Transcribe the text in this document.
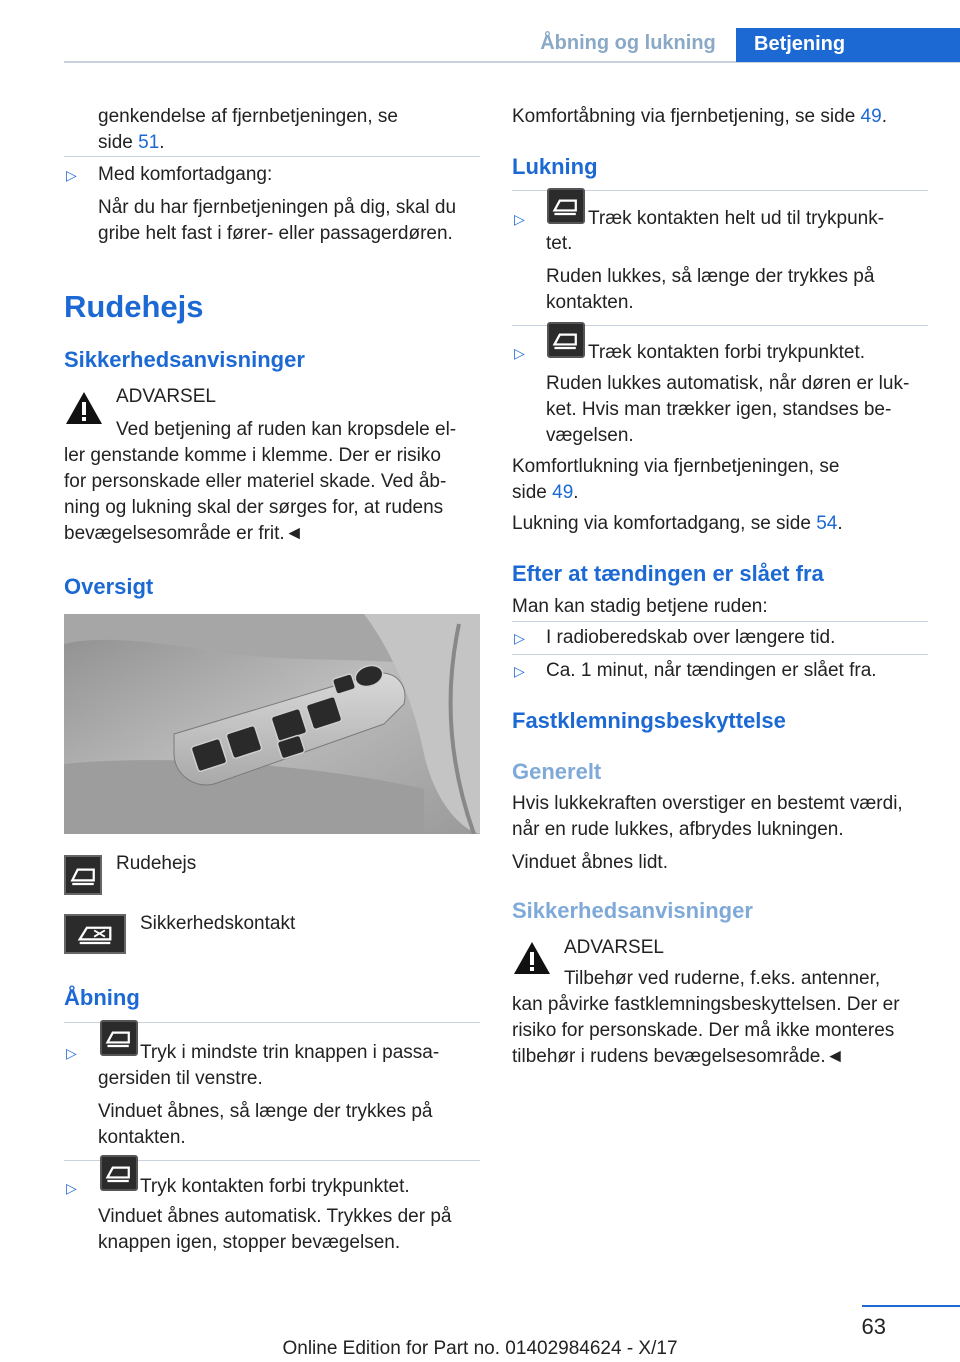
Åbning og lukning	Betjening
genkendelse af fjernbetjeningen, se
side 51.
▷ Med komfortadgang:
Når du har fjernbetjeningen på dig, skal du
gribe helt fast i fører- eller passagerdøren.
Rudehejs
Sikkerhedsanvisninger
ADVARSEL
Ved betjening af ruden kan kropsdele el‐
ler genstande komme i klemme. Der er risiko
for personskade eller materiel skade. Ved åb‐
ning og lukning skal der sørges for, at rudens
bevægelsesområde er frit.◄
Oversigt
Rudehejs
Sikkerhedskontakt
Åbning
▷	Tryk i mindste trin knappen i passa‐
gersiden til venstre.
Vinduet åbnes, så længe der trykkes på
kontakten.
▷	Tryk kontakten forbi trykpunktet.
Vinduet åbnes automatisk. Trykkes der på
knappen igen, stopper bevægelsen.
Komfortåbning via fjernbetjening, se side 49.
Lukning
▷	Træk kontakten helt ud til trykpunk‐
tet.
Ruden lukkes, så længe der trykkes på
kontakten.
▷	Træk kontakten forbi trykpunktet.
Ruden lukkes automatisk, når døren er luk‐
ket. Hvis man trækker igen, standses be‐
vægelsen.
Komfortlukning via fjernbetjeningen, se
side 49.
Lukning via komfortadgang, se side 54.
Efter at tændingen er slået fra
Man kan stadig betjene ruden:
▷ I radioberedskab over længere tid.
▷ Ca. 1 minut, når tændingen er slået fra.
Fastklemningsbeskyttelse
Generelt
Hvis lukkekraften overstiger en bestemt værdi,
når en rude lukkes, afbrydes lukningen.
Vinduet åbnes lidt.
Sikkerhedsanvisninger
ADVARSEL
Tilbehør ved ruderne, f.eks. antenner,
kan påvirke fastklemningsbeskyttelsen. Der er
risiko for personskade. Der må ikke monteres
tilbehør i rudens bevægelsesområde.◄
63
Online Edition for Part no. 01402984624 - X/17
